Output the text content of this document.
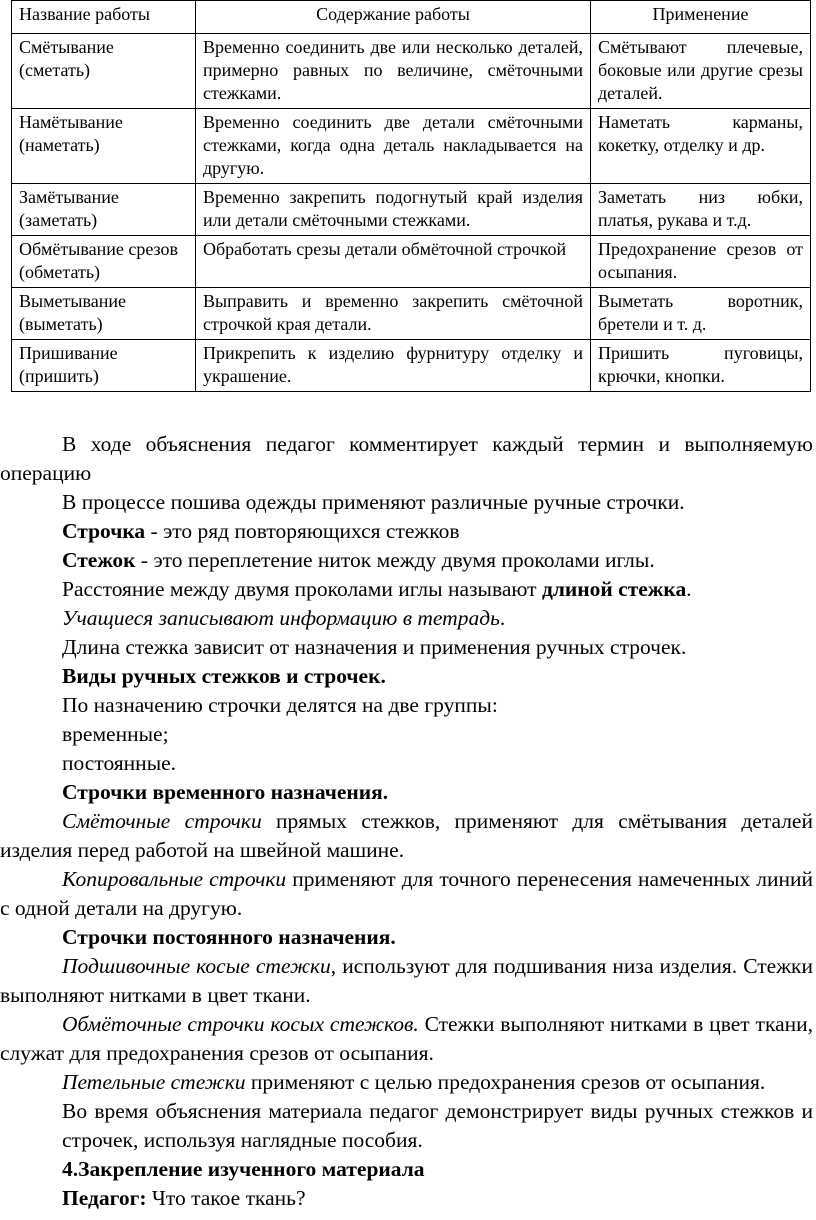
Название работы	Содержание работы	Применение
Смётывание (сметать)	Временно соединить две или несколько деталей, примерно равных по величине, смёточными стежками.	Смётывают плечевые, боковые или другие срезы деталей.
Намётывание (наметать)	Временно соединить две детали смёточными стежками, когда одна деталь накладывается на другую.	Наметать карманы, кокетку, отделку и др.
Замётывание (заметать)	Временно закрепить подогнутый край изделия или детали смёточными стежками.	Заметать низ юбки, платья, рукава и т.д.
Обмётывание срезов (обметать)	Обработать срезы детали обмёточной строчкой	Предохранение срезов от осыпания.
Выметывание (выметать)	Выправить и временно закрепить смёточной строчкой края детали.	Выметать воротник, бретели и т. д.
Пришивание (пришить)	Прикрепить к изделию фурнитуру отделку и украшение.	Пришить пуговицы, крючки, кнопки.

В ходе объяснения педагог комментирует каждый термин и выполняемую операцию

В процессе пошива одежды применяют различные ручные строчки.

Строчка - это ряд повторяющихся стежков

Стежок - это переплетение ниток между двумя проколами иглы.

Расстояние между двумя проколами иглы называют длиной стежка.

Учащиеся записывают информацию в тетрадь.

Длина стежка зависит от назначения и применения ручных строчек.

Виды ручных стежков и строчек.

По назначению строчки делятся на две группы:

временные;

постоянные.

Строчки временного назначения.

Смёточные строчки прямых стежков, применяют для смётывания деталей изделия перед работой на швейной машине.

Копировальные строчки применяют для точного перенесения намеченных линий с одной детали на другую.

Строчки постоянного назначения.

Подшивочные косые стежки, используют для подшивания низа изделия. Стежки выполняют нитками в цвет ткани.

Обмёточные строчки косых стежков. Стежки выполняют нитками в цвет ткани, служат для предохранения срезов от осыпания.

Петельные стежки применяют с целью предохранения срезов от осыпания.

Во время объяснения материала педагог демонстрирует виды ручных стежков и строчек, используя наглядные пособия.

4.Закрепление изученного материала

Педагог: Что такое ткань?
